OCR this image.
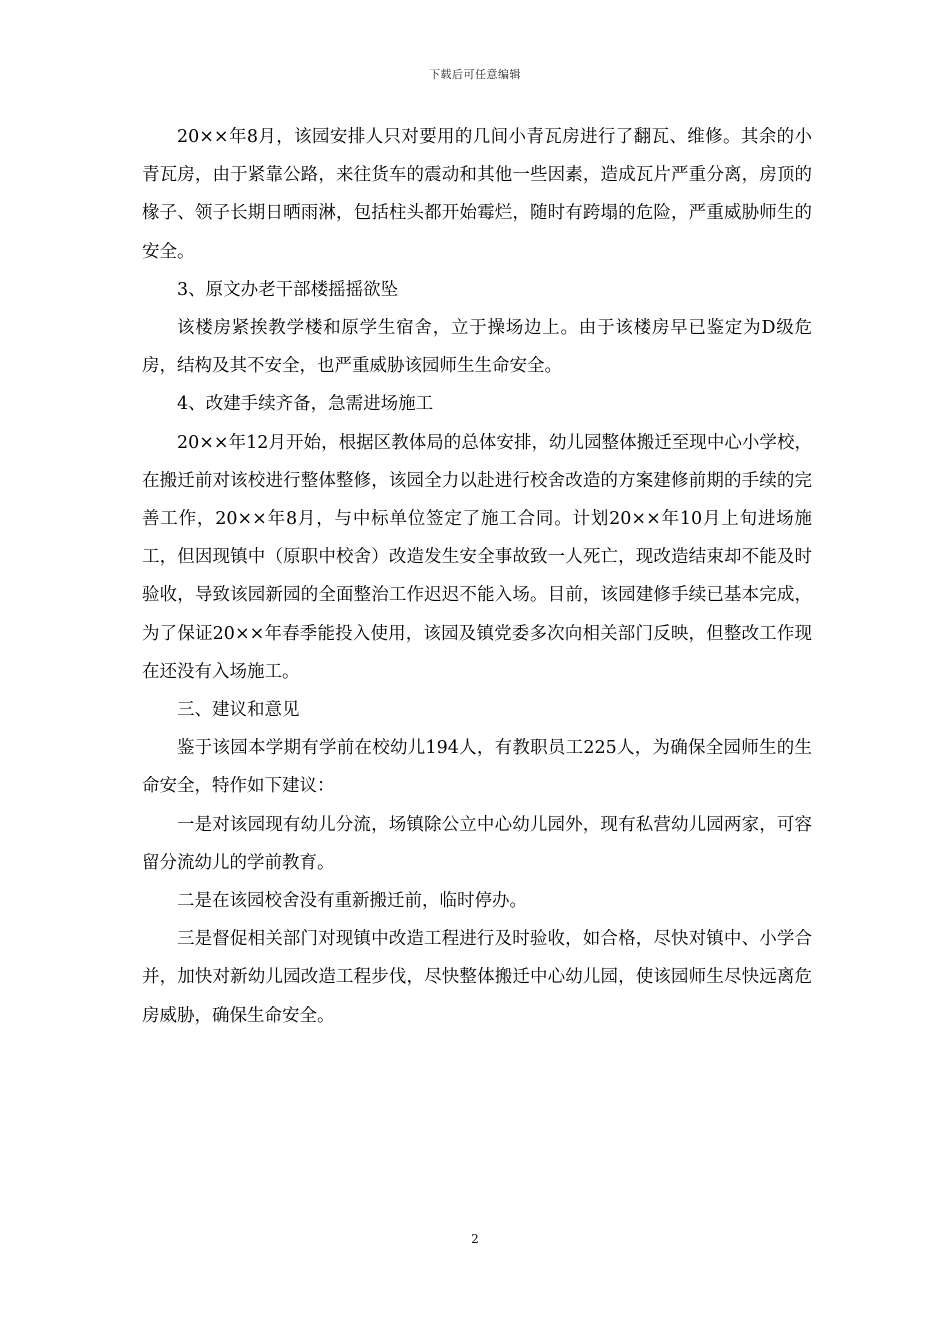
下载后可任意编辑

20××年8月，该园安排人只对要用的几间小青瓦房进行了翻瓦、维修。其余的小青瓦房，由于紧靠公路，来往货车的震动和其他一些因素，造成瓦片严重分离，房顶的椽子、领子长期日晒雨淋，包括柱头都开始霉烂，随时有跨塌的危险，严重威胁师生的安全。

3、原文办老干部楼摇摇欲坠

该楼房紧挨教学楼和原学生宿舍，立于操场边上。由于该楼房早已鉴定为D级危房，结构及其不安全，也严重威胁该园师生生命安全。

4、改建手续齐备，急需进场施工

20××年12月开始，根据区教体局的总体安排，幼儿园整体搬迁至现中心小学校，在搬迁前对该校进行整体整修，该园全力以赴进行校舍改造的方案建修前期的手续的完善工作，20××年8月，与中标单位签定了施工合同。计划20××年10月上旬进场施工，但因现镇中（原职中校舍）改造发生安全事故致一人死亡，现改造结束却不能及时验收，导致该园新园的全面整治工作迟迟不能入场。目前，该园建修手续已基本完成，为了保证20××年春季能投入使用，该园及镇党委多次向相关部门反映，但整改工作现在还没有入场施工。

三、建议和意见

鉴于该园本学期有学前在校幼儿194人，有教职员工225人，为确保全园师生的生命安全，特作如下建议：

一是对该园现有幼儿分流，场镇除公立中心幼儿园外，现有私营幼儿园两家，可容留分流幼儿的学前教育。

二是在该园校舍没有重新搬迁前，临时停办。

三是督促相关部门对现镇中改造工程进行及时验收，如合格，尽快对镇中、小学合并，加快对新幼儿园改造工程步伐，尽快整体搬迁中心幼儿园，使该园师生尽快远离危房威胁，确保生命安全。

2
